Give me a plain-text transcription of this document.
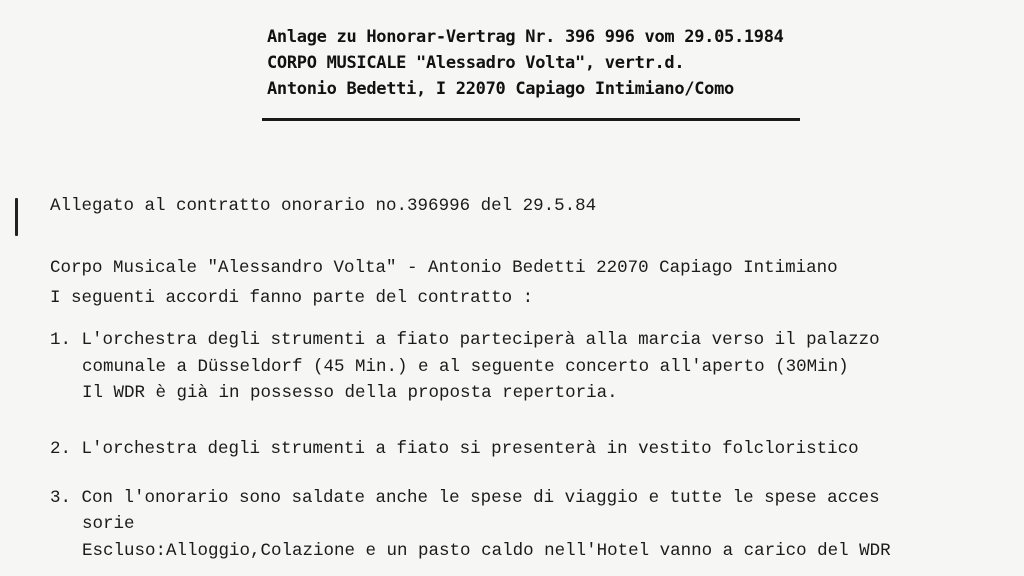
Anlage zu Honorar-Vertrag Nr. 396 996 vom 29.05.1984
CORPO MUSICALE "Alessadro Volta", vertr.d.
Antonio Bedetti, I 22070 Capiago Intimiano/Como
Allegato al contratto onorario no.396996 del 29.5.84
Corpo Musicale "Alessandro Volta" - Antonio Bedetti 22070 Capiago Intimiano
I seguenti accordi fanno parte del contratto :
1. L'orchestra degli strumenti a fiato parteciperà alla marcia verso il palazzo
comunale a Düsseldorf (45 Min.) e al seguente concerto all'aperto (30Min)
Il WDR è già in possesso della proposta repertoria.
2. L'orchestra degli strumenti a fiato si presenterà in vestito folcloristico
3. Con l'onorario sono saldate anche le spese di viaggio e tutte le spese acces
sorie
Escluso:Alloggio,Colazione e un pasto caldo nell'Hotel vanno a carico del WDR
